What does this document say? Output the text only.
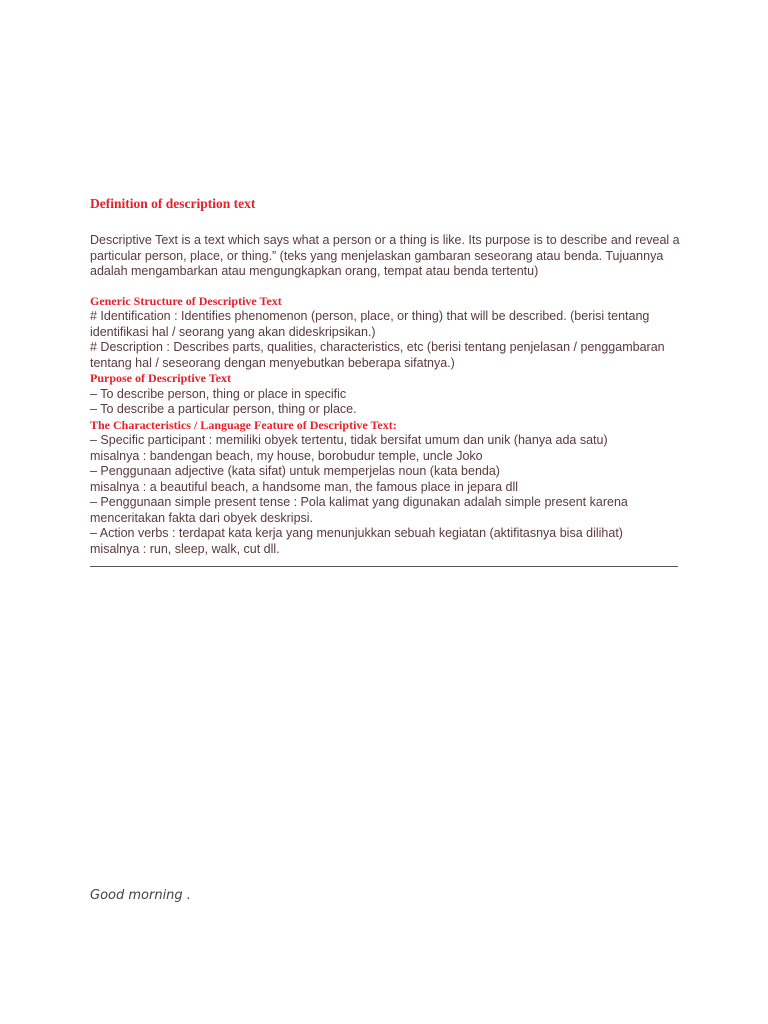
Definition of description text

Descriptive Text is a text which says what a person or a thing is like. Its purpose is to describe and reveal a particular person, place, or thing.” (teks yang menjelaskan gambaran seseorang atau benda. Tujuannya adalah mengambarkan atau mengungkapkan orang, tempat atau benda tertentu)

Generic Structure of Descriptive Text

# Identification : Identifies phenomenon (person, place, or thing) that will be described. (berisi tentang identifikasi hal / seorang yang akan dideskripsikan.)

# Description : Describes parts, qualities, characteristics, etc (berisi tentang penjelasan / penggambaran tentang hal / seseorang dengan menyebutkan beberapa sifatnya.)

Purpose of Descriptive Text

– To describe person, thing or place in specific

– To describe a particular person, thing or place.

The Characteristics / Language Feature of Descriptive Text:

– Specific participant : memiliki obyek tertentu, tidak bersifat umum dan unik (hanya ada satu)

misalnya : bandengan beach, my house, borobudur temple, uncle Joko

– Penggunaan adjective (kata sifat) untuk memperjelas noun (kata benda)

misalnya : a beautiful beach, a handsome man, the famous place in jepara dll

– Penggunaan simple present tense : Pola kalimat yang digunakan adalah simple present karena menceritakan fakta dari obyek deskripsi.

– Action verbs : terdapat kata kerja yang menunjukkan sebuah kegiatan (aktifitasnya bisa dilihat)

misalnya : run, sleep, walk, cut dll.

Good morning .
